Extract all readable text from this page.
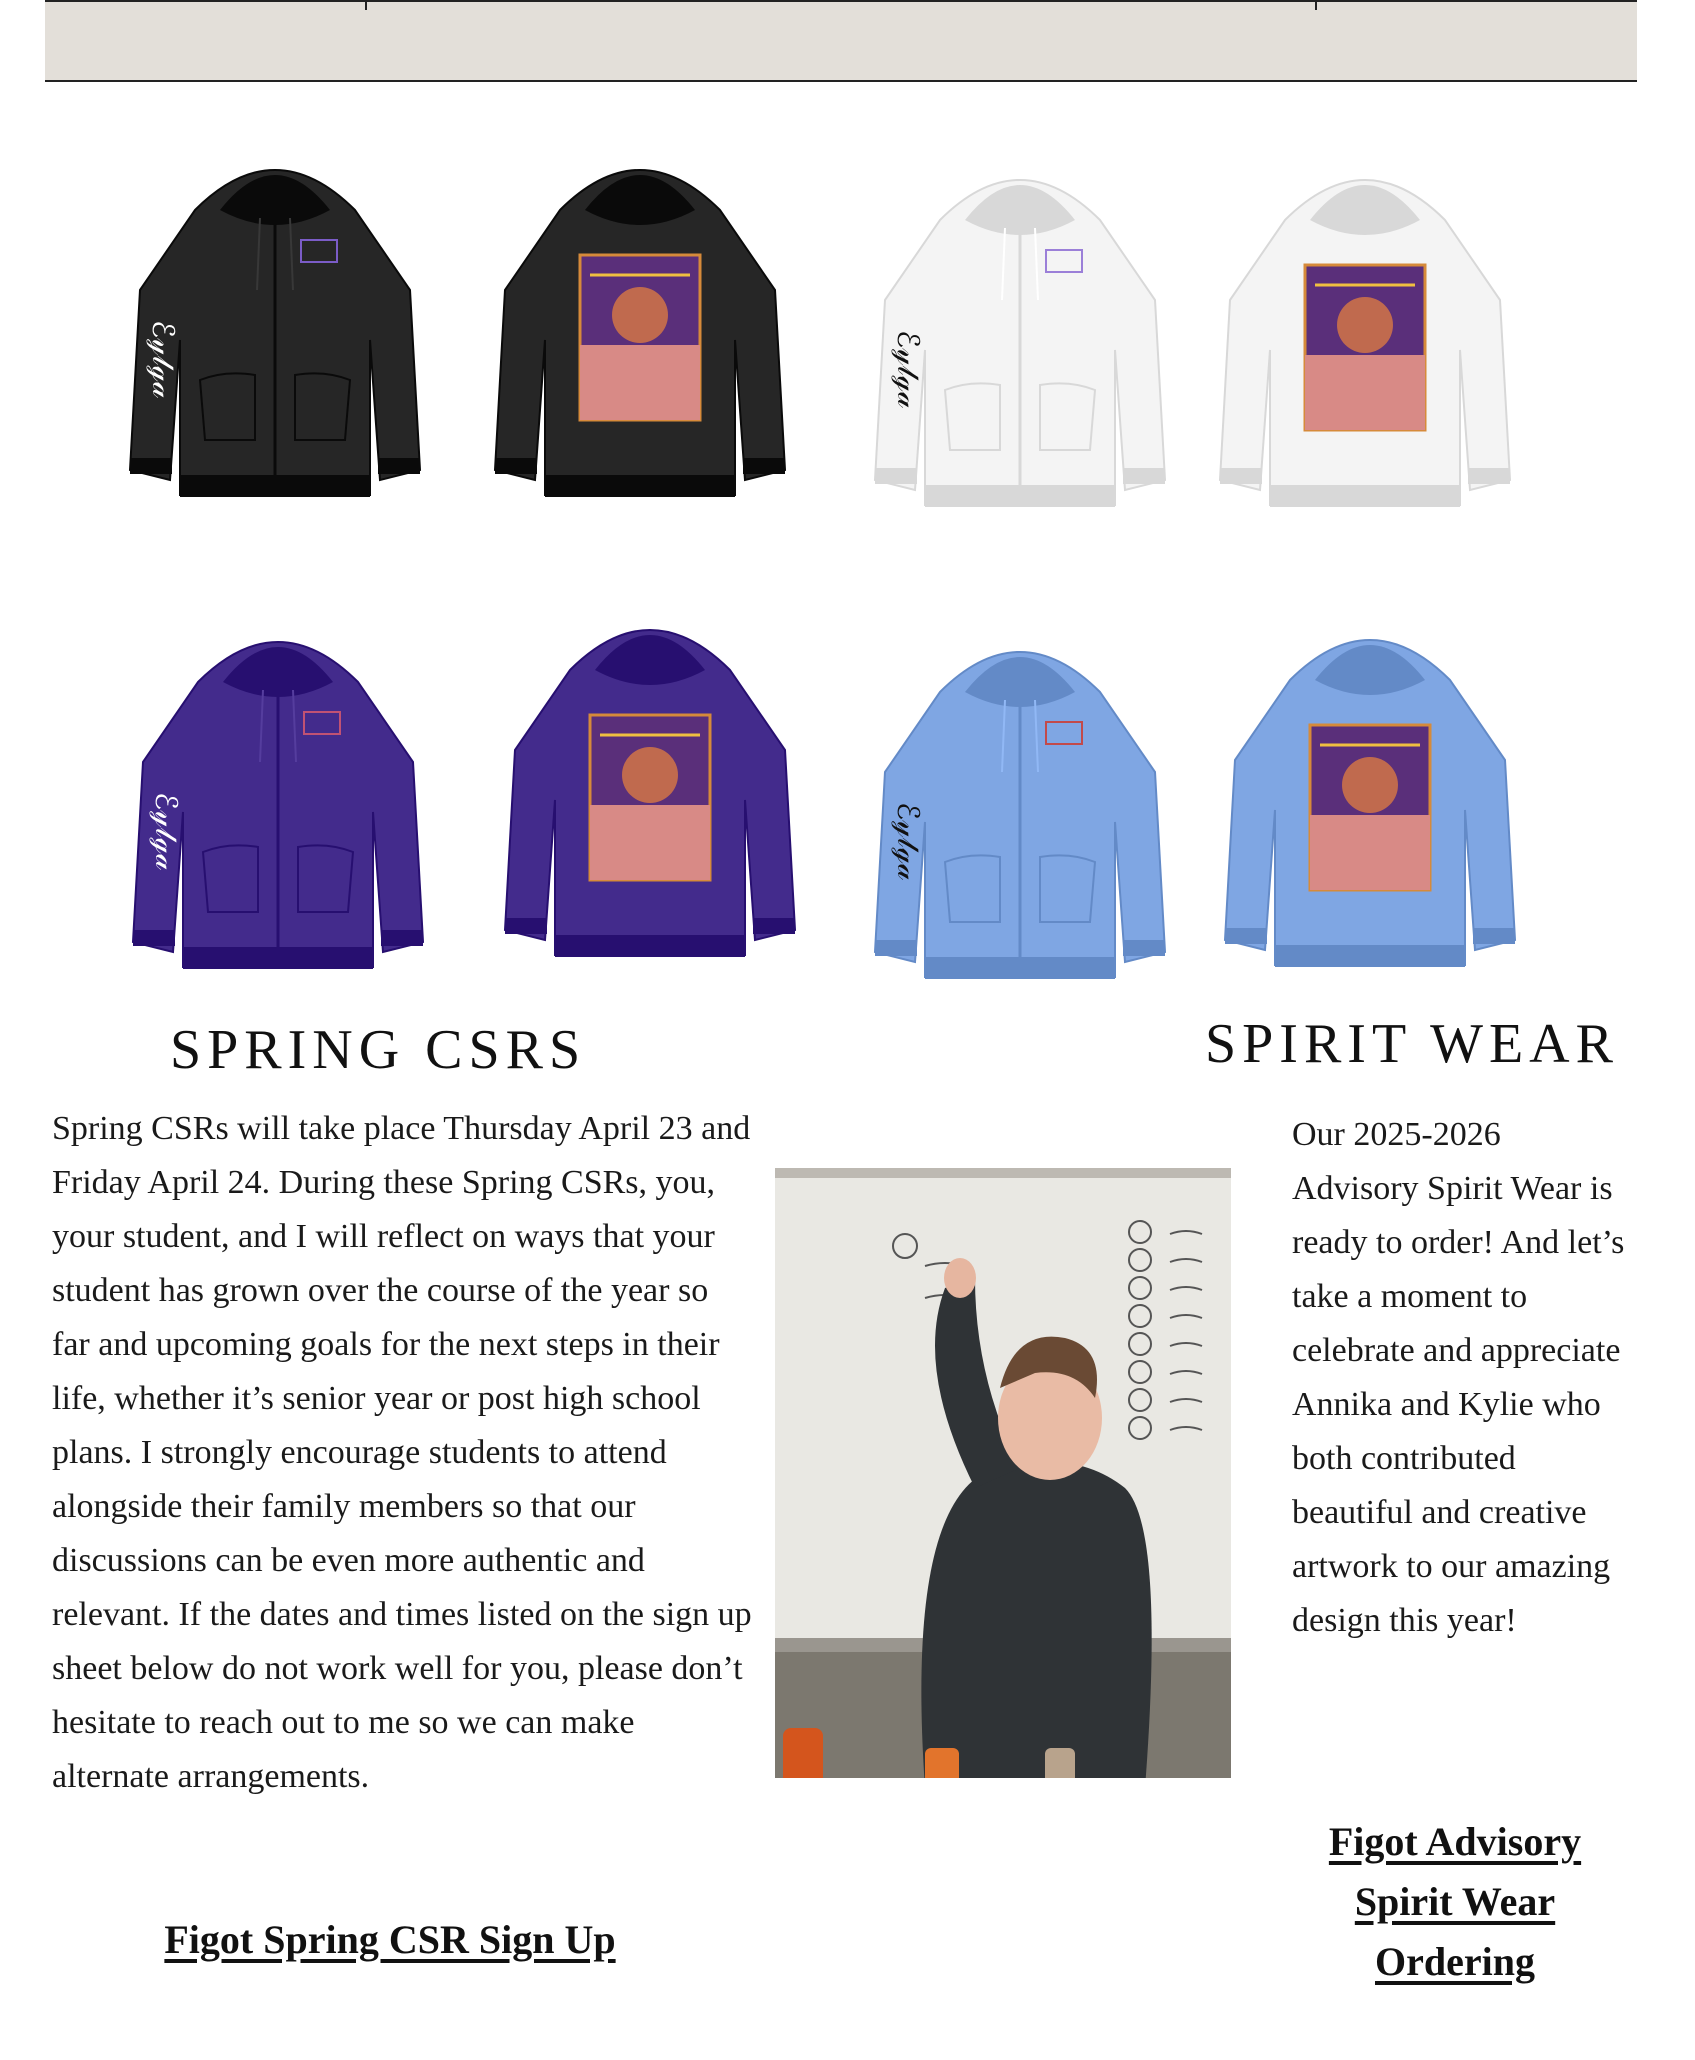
ℰ𝓎𝓁ℊ𝒶	ℰ𝓎𝓁ℊ𝒶
ℰ𝓎𝓁ℊ𝒶	ℰ𝓎𝓁ℊ𝒶
SPRING CSRS
Spring CSRs will take place Thursday April 23 and Friday April 24. During these Spring CSRs, you, your student, and I will reflect on ways that your student has grown over the course of the year so far and upcoming goals for the next steps in their life, whether it’s senior year or post high school plans. I strongly encourage students to attend alongside their family members so that our discussions can be even more authentic and relevant. If the dates and times listed on the sign up sheet below do not work well for you, please don’t hesitate to reach out to me so we can make alternate arrangements.
Figot Spring CSR Sign Up
SPIRIT WEAR
Our 2025-2026 Advisory Spirit Wear is ready to order! And let’s take a moment to celebrate and appreciate Annika and Kylie who both contributed beautiful and creative artwork to our amazing design this year!
Figot Advisory
Spirit Wear
Ordering
